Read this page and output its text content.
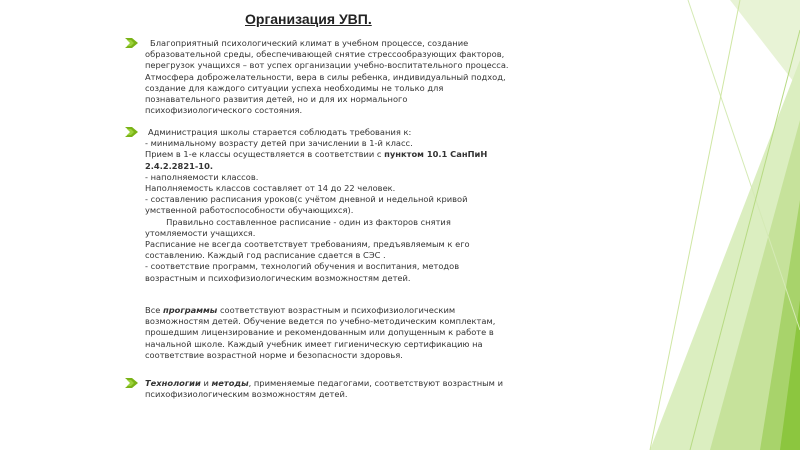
Организация УВП.
Благоприятный психологический климат в учебном процессе, создание
образовательной среды, обеспечивающей снятие стрессообразующих факторов,
перегрузок учащихся – вот успех организации учебно-воспитательного процесса.
Атмосфера доброжелательности, вера в силы ребенка, индивидуальный подход,
создание для каждого ситуации успеха необходимы не только для
познавательного развития детей, но и для их нормального
психофизиологического состояния.
Администрация школы старается соблюдать требования к:
- минимальному возрасту детей при зачислении в 1-й класс.
Прием в 1-е классы осуществляется в соответствии с пунктом 10.1 СанПиН
2.4.2.2821-10.
- наполняемости классов.
Наполняемость классов составляет от 14 до 22 человек.
- составлению расписания уроков(с учётом дневной и недельной кривой
умственной работоспособности обучающихся).
Правильно составленное расписание - один из факторов снятия
утомляемости учащихся.
Расписание не всегда соответствует требованиям, предъявляемым к его
составлению. Каждый год расписание сдается в СЭС .
- соответствие программ, технологий обучения и воспитания, методов
возрастным и психофизиологическим возможностям детей.
Все программы соответствуют возрастным и психофизиологическим
возможностям детей. Обучение ведется по учебно-методическим комплектам,
прошедшим лицензирование и рекомендованным или допущенным к работе в
начальной школе. Каждый учебник имеет гигиеническую сертификацию на
соответствие возрастной норме и безопасности здоровья.
Технологии и методы, применяемые педагогами, соответствуют возрастным и
психофизиологическим возможностям детей.
